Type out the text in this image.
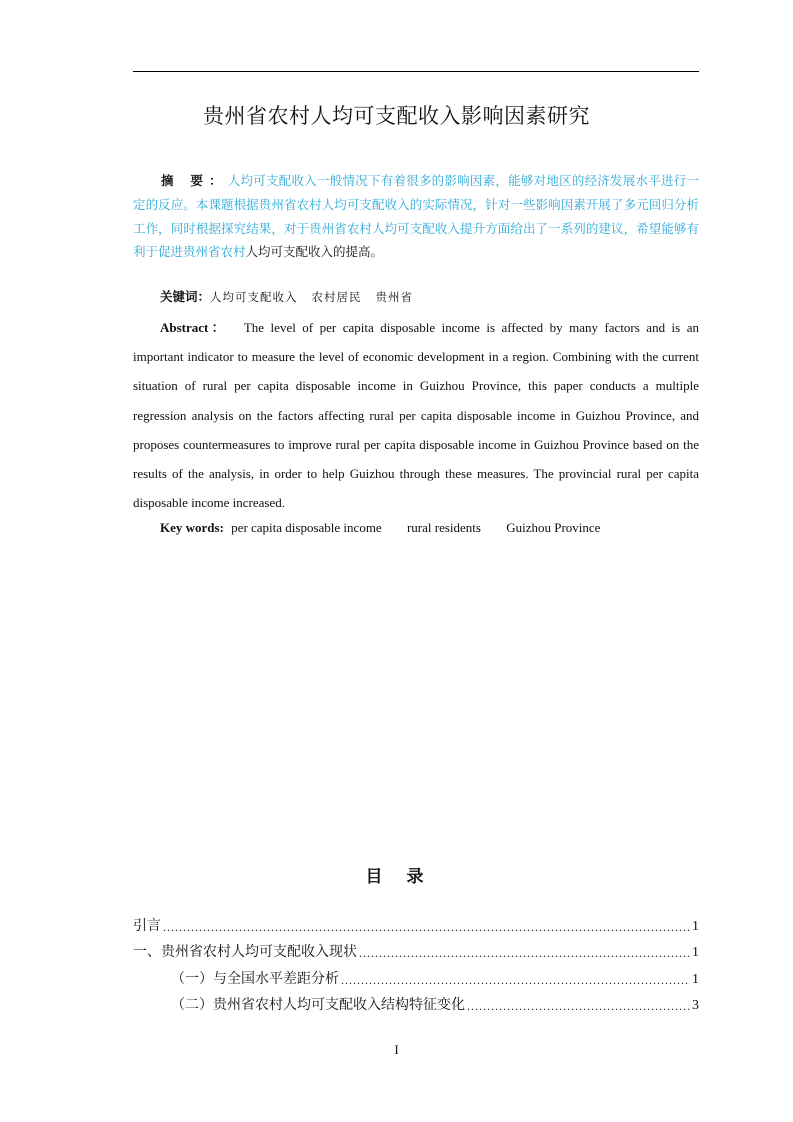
贵州省农村人均可支配收入影响因素研究
摘 要：人均可支配收入一般情况下有着很多的影响因素，能够对地区的经济发展水平进行一定的反应。本课题根据贵州省农村人均可支配收入的实际情况，针对一些影响因素开展了多元回归分析工作，同时根据探究结果，对于贵州省农村人均可支配收入提升方面给出了一系列的建议，希望能够有利于促进贵州省农村人均可支配收入的提高。
关键词：人均可支配收入 农村居民 贵州省
Abstract： The level of per capita disposable income is affected by many factors and is an important indicator to measure the level of economic development in a region. Combining with the current situation of rural per capita disposable income in Guizhou Province, this paper conducts a multiple regression analysis on the factors affecting rural per capita disposable income in Guizhou Province, and proposes countermeasures to improve rural per capita disposable income in Guizhou Province based on the results of the analysis, in order to help Guizhou through these measures. The provincial rural per capita disposable income increased.
Key words: per capita disposable income rural residents Guizhou Province
目 录
引言 .....	1
一、贵州省农村人均可支配收入现状 .....	1
（一）与全国水平差距分析 .....	1
（二）贵州省农村人均可支配收入结构特征变化 .....	3
I
